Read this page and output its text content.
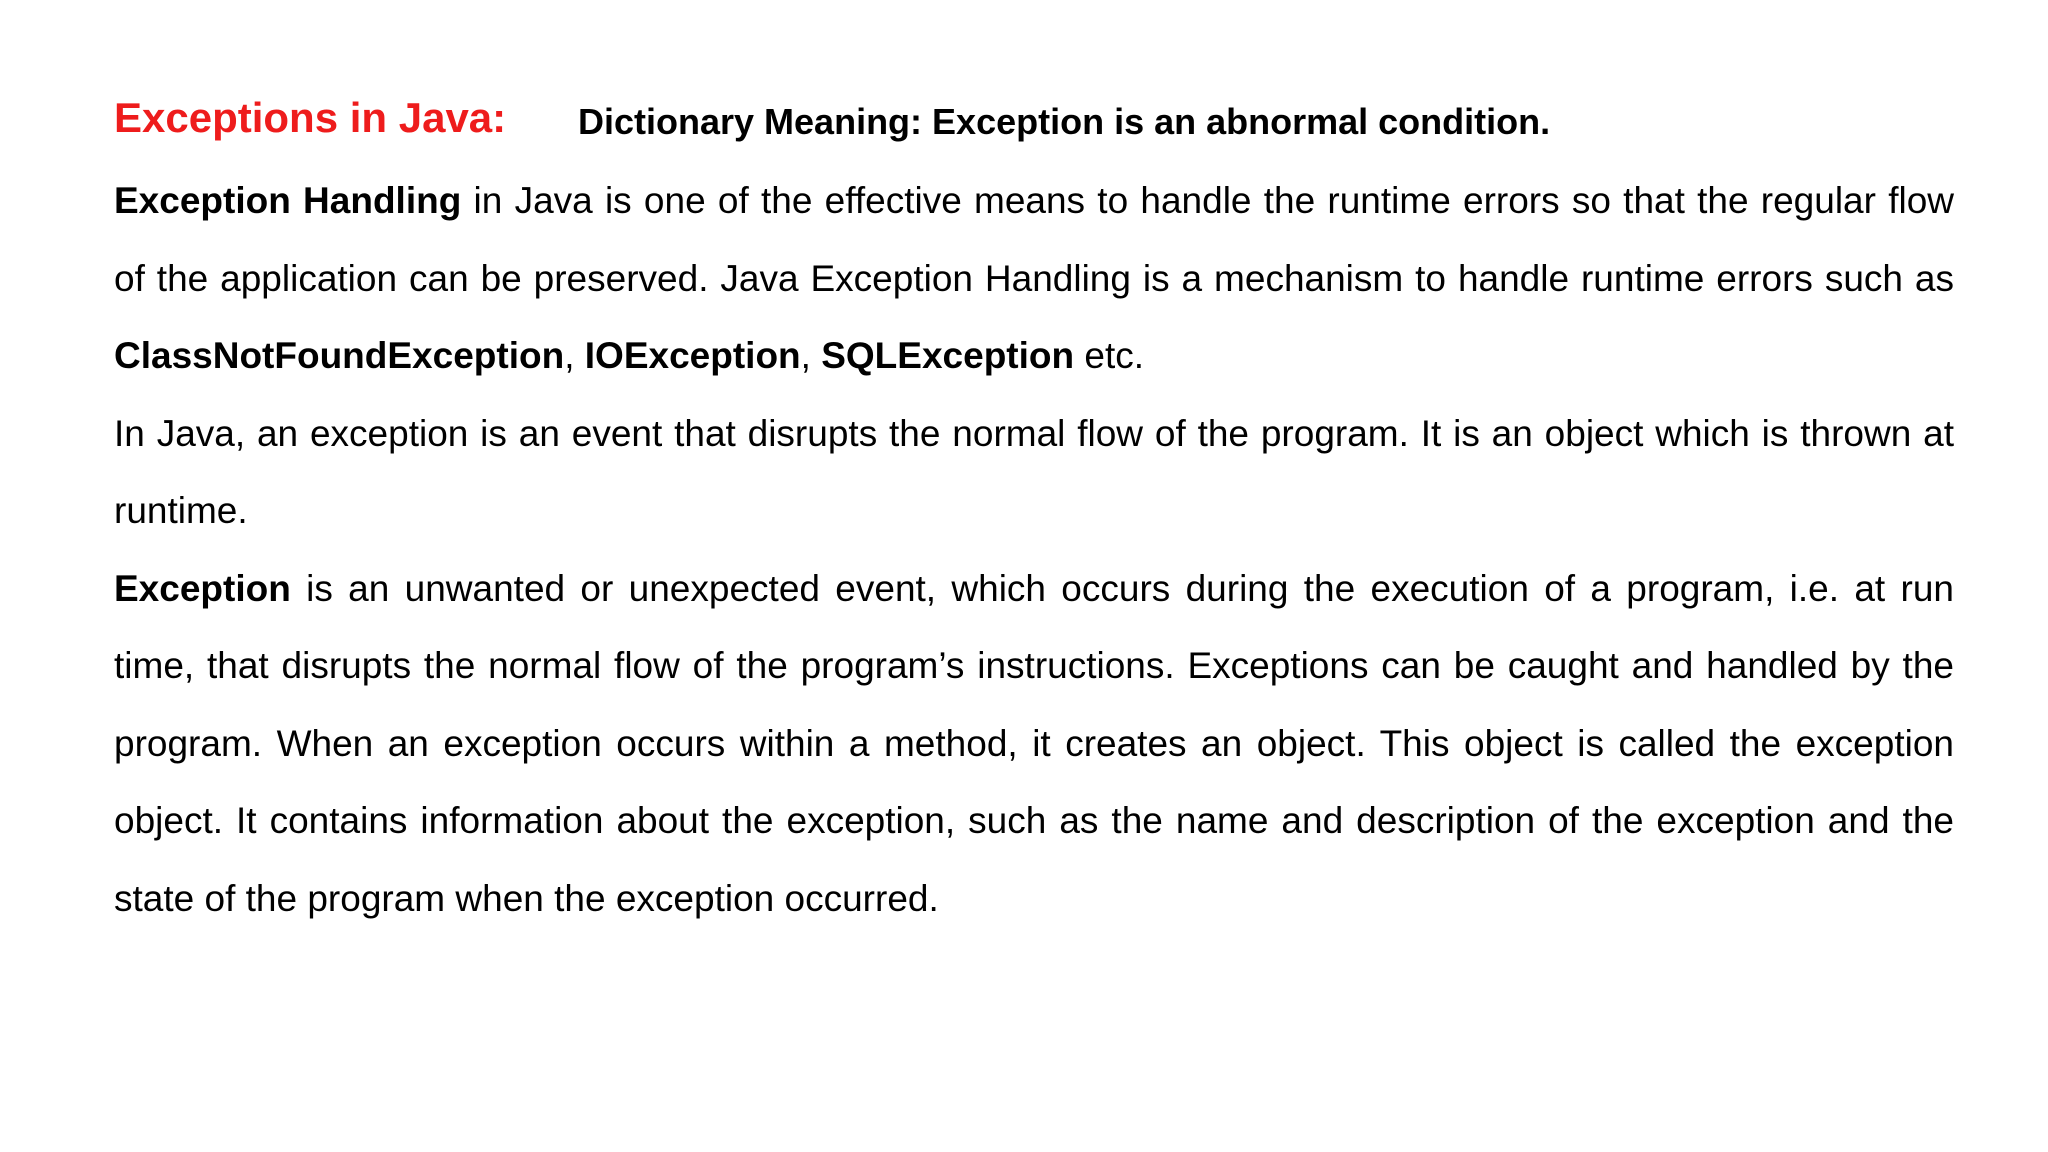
Exceptions in Java: Dictionary Meaning: Exception is an abnormal condition.

Exception Handling in Java is one of the effective means to handle the runtime errors so that the regular flow of the application can be preserved. Java Exception Handling is a mechanism to handle runtime errors such as ClassNotFoundException, IOException, SQLException etc.

In Java, an exception is an event that disrupts the normal flow of the program. It is an object which is thrown at runtime.

Exception is an unwanted or unexpected event, which occurs during the execution of a program, i.e. at run time, that disrupts the normal flow of the program’s instructions. Exceptions can be caught and handled by the program. When an exception occurs within a method, it creates an object. This object is called the exception object. It contains information about the exception, such as the name and description of the exception and the state of the program when the exception occurred.
